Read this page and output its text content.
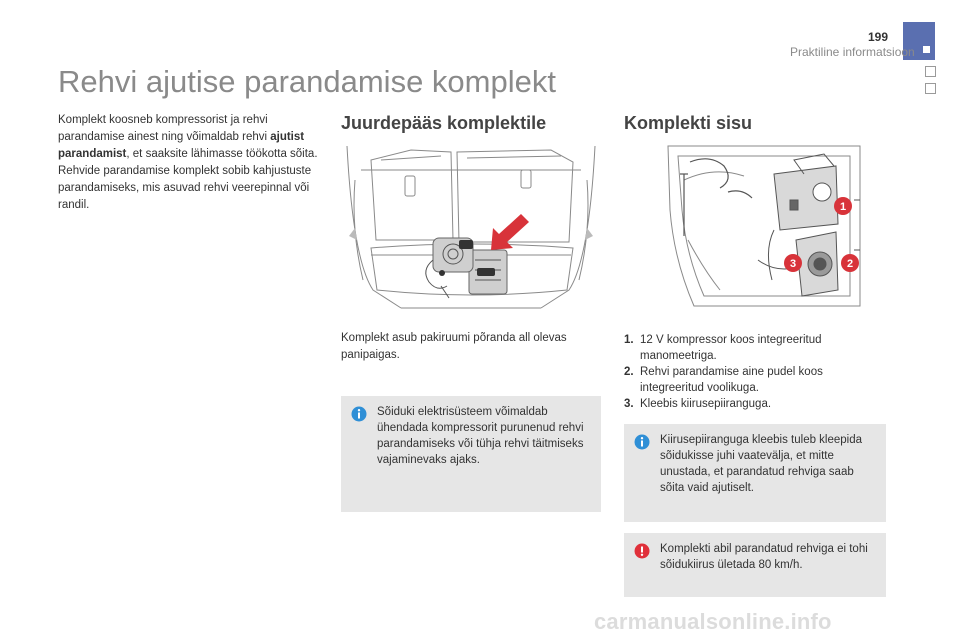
199
Praktiline informatsioon
Rehvi ajutise parandamise komplekt

Komplekt koosneb kompressorist ja rehvi parandamise ainest ning võimaldab rehvi ajutist parandamist, et saaksite lähimasse töökotta sõita.
Rehvide parandamise komplekt sobib kahjustuste parandamiseks, mis asuvad rehvi veerepinnal või randil.

Juurdepääs komplektile

Komplekt asub pakiruumi põranda all olevas panipaigas.

Sõiduki elektrisüsteem võimaldab ühendada kompressorit purunenud rehvi parandamiseks või tühja rehvi täitmiseks vajaminevaks ajaks.

Komplekti sisu
1
2
3
1. 12 V kompressor koos integreeritud manomeetriga.
2. Rehvi parandamise aine pudel koos integreeritud voolikuga.
3. Kleebis kiirusepiiranguga.

Kiirusepiiranguga kleebis tuleb kleepida sõidukisse juhi vaatevälja, et mitte unustada, et parandatud rehviga saab sõita vaid ajutiselt.

Komplekti abil parandatud rehviga ei tohi sõidukiirus ületada 80 km/h.

carmanualsonline.info
